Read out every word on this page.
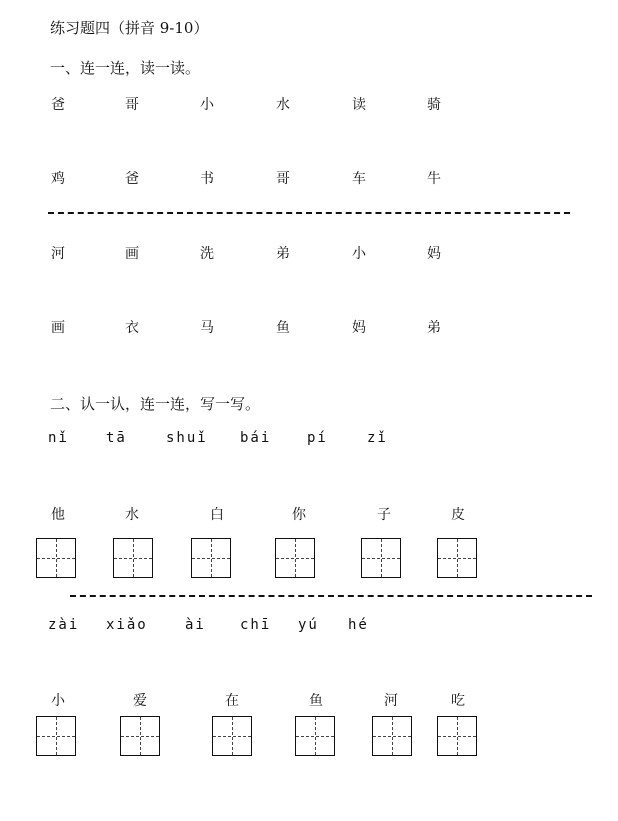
练习题四（拼音 9-10）
一、连一连，读一读。
爸	哥	小	水	读	骑
鸡	爸	书	哥	车	牛
河	画	洗	弟	小	妈
画	衣	马	鱼	妈	弟
二、认一认，连一连，写一写。
nǐ	tā	shuǐ bái	pí	zǐ
他	水	白	你	子	皮
zài xiǎo	ài chī yú hé
小	爱	在	鱼	河	吃
